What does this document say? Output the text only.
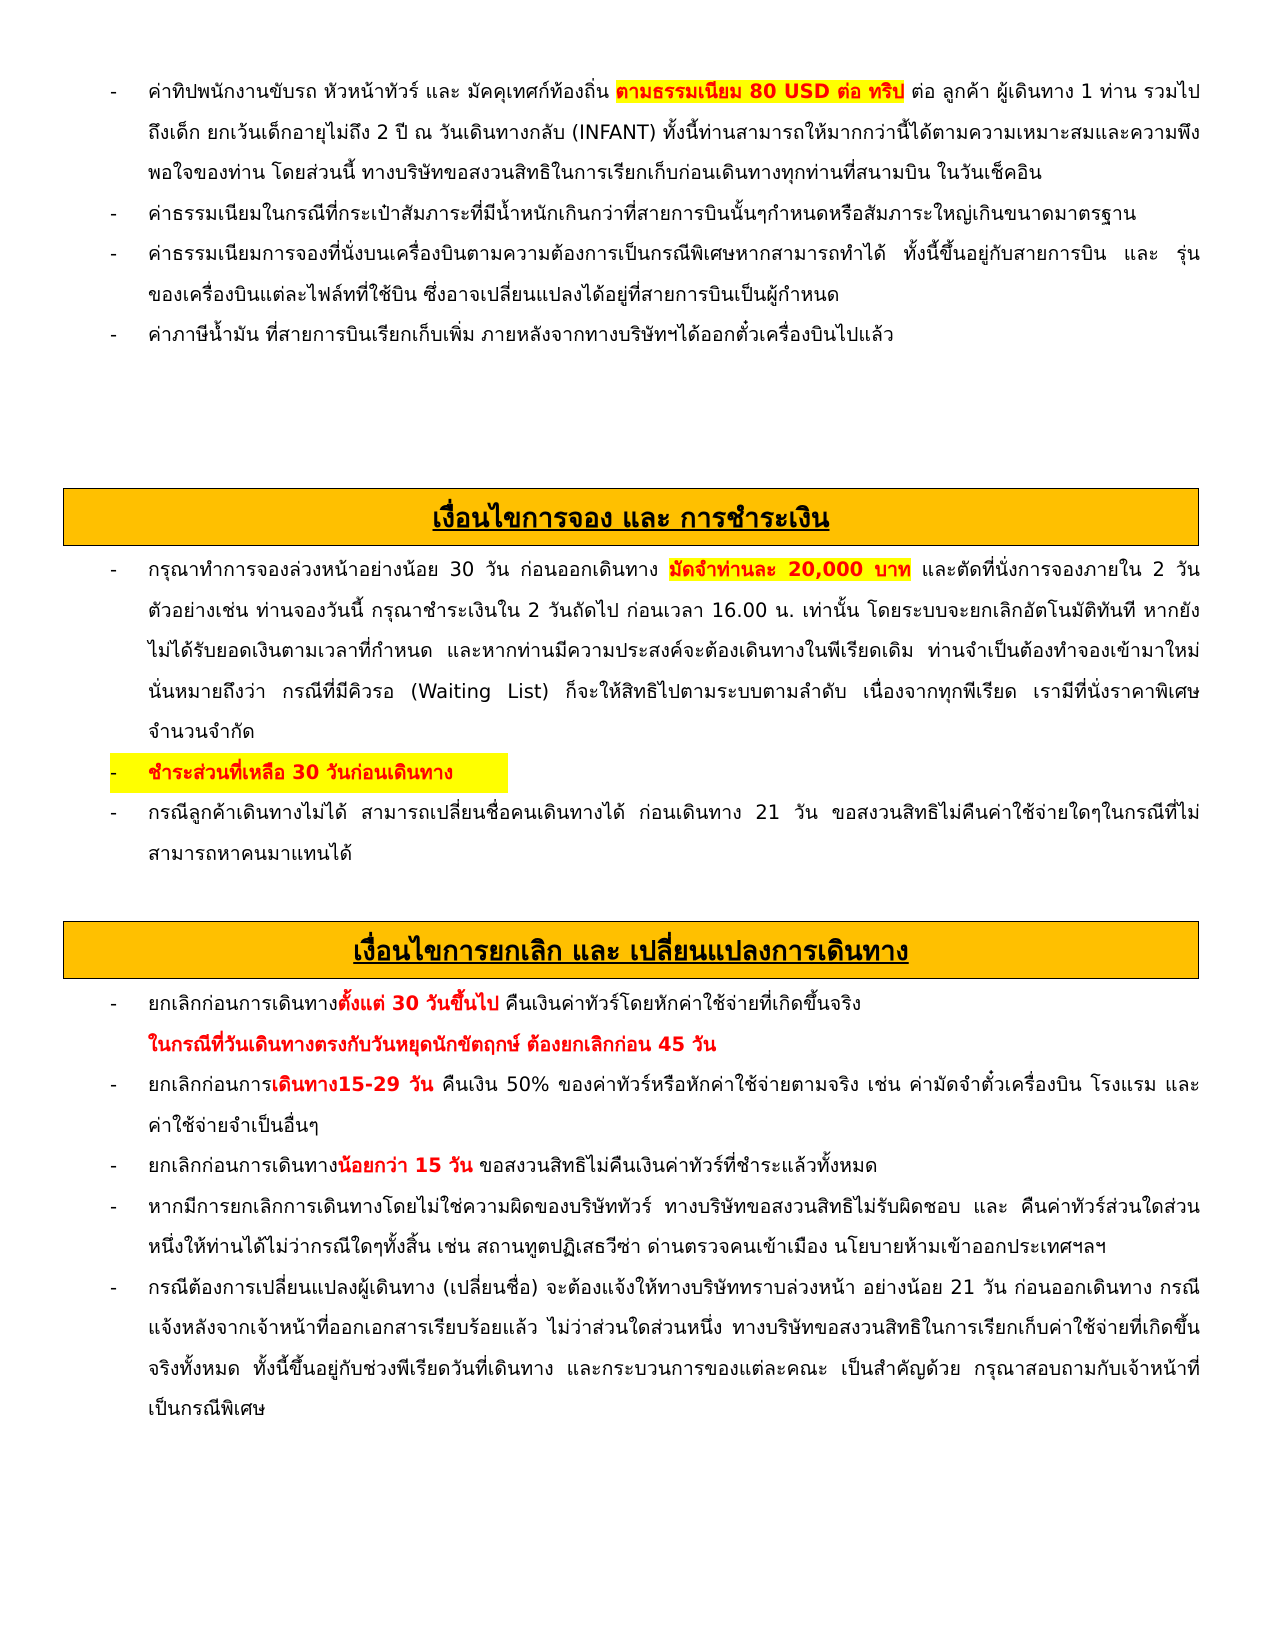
-	ค่าทิปพนักงานขับรถ หัวหน้าทัวร์ และ มัคคุเทศก์ท้องถิ่น ตามธรรมเนียม 80 USD ต่อ ทริป ต่อ ลูกค้า ผู้เดินทาง 1 ท่าน รวมไปถึงเด็ก ยกเว้นเด็กอายุไม่ถึง 2 ปี ณ วันเดินทางกลับ (INFANT) ทั้งนี้ท่านสามารถให้มากกว่านี้ได้ตามความเหมาะสมและความพึงพอใจของท่าน โดยส่วนนี้ ทางบริษัทขอสงวนสิทธิในการเรียกเก็บก่อนเดินทางทุกท่านที่สนามบิน ในวันเช็คอิน
-	ค่าธรรมเนียมในกรณีที่กระเป๋าสัมภาระที่มีน้ำหนักเกินกว่าที่สายการบินนั้นๆกำหนดหรือสัมภาระใหญ่เกินขนาดมาตรฐาน
-	ค่าธรรมเนียมการจองที่นั่งบนเครื่องบินตามความต้องการเป็นกรณีพิเศษหากสามารถทำได้ ทั้งนี้ขึ้นอยู่กับสายการบิน และ รุ่นของเครื่องบินแต่ละไฟล์ทที่ใช้บิน ซึ่งอาจเปลี่ยนแปลงได้อยู่ที่สายการบินเป็นผู้กำหนด
-	ค่าภาษีน้ำมัน ที่สายการบินเรียกเก็บเพิ่ม ภายหลังจากทางบริษัทฯได้ออกตั๋วเครื่องบินไปแล้ว
เงื่อนไขการจอง และ การชำระเงิน
-	กรุณาทำการจองล่วงหน้าอย่างน้อย 30 วัน ก่อนออกเดินทาง มัดจำท่านละ 20,000 บาท และตัดที่นั่งการจองภายใน 2 วัน ตัวอย่างเช่น ท่านจองวันนี้ กรุณาชำระเงินใน 2 วันถัดไป ก่อนเวลา 16.00 น. เท่านั้น โดยระบบจะยกเลิกอัตโนมัติทันที หากยังไม่ได้รับยอดเงินตามเวลาที่กำหนด และหากท่านมีความประสงค์จะต้องเดินทางในพีเรียดเดิม ท่านจำเป็นต้องทำจองเข้ามาใหม่ นั่นหมายถึงว่า กรณีที่มีคิวรอ (Waiting List) ก็จะให้สิทธิไปตามระบบตามลำดับ เนื่องจากทุกพีเรียด เรามีที่นั่งราคาพิเศษจำนวนจำกัด
-	ชำระส่วนที่เหลือ 30 วันก่อนเดินทาง
-	กรณีลูกค้าเดินทางไม่ได้ สามารถเปลี่ยนชื่อคนเดินทางได้ ก่อนเดินทาง 21 วัน ขอสงวนสิทธิไม่คืนค่าใช้จ่ายใดๆในกรณีที่ไม่สามารถหาคนมาแทนได้
เงื่อนไขการยกเลิก และ เปลี่ยนแปลงการเดินทาง
-	ยกเลิกก่อนการเดินทางตั้งแต่ 30 วันขึ้นไป คืนเงินค่าทัวร์โดยหักค่าใช้จ่ายที่เกิดขึ้นจริง
ในกรณีที่วันเดินทางตรงกับวันหยุดนักขัตฤกษ์ ต้องยกเลิกก่อน 45 วัน
-	ยกเลิกก่อนการเดินทาง15-29 วัน คืนเงิน 50% ของค่าทัวร์หรือหักค่าใช้จ่ายตามจริง เช่น ค่ามัดจำตั๋วเครื่องบิน โรงแรม และค่าใช้จ่ายจำเป็นอื่นๆ
-	ยกเลิกก่อนการเดินทางน้อยกว่า 15 วัน ขอสงวนสิทธิไม่คืนเงินค่าทัวร์ที่ชำระแล้วทั้งหมด
-	หากมีการยกเลิกการเดินทางโดยไม่ใช่ความผิดของบริษัททัวร์ ทางบริษัทขอสงวนสิทธิไม่รับผิดชอบ และ คืนค่าทัวร์ส่วนใดส่วนหนึ่งให้ท่านได้ไม่ว่ากรณีใดๆทั้งสิ้น เช่น สถานทูตปฏิเสธวีซ่า ด่านตรวจคนเข้าเมือง นโยบายห้ามเข้าออกประเทศฯลฯ
-	กรณีต้องการเปลี่ยนแปลงผู้เดินทาง (เปลี่ยนชื่อ) จะต้องแจ้งให้ทางบริษัททราบล่วงหน้า อย่างน้อย 21 วัน ก่อนออกเดินทาง กรณีแจ้งหลังจากเจ้าหน้าที่ออกเอกสารเรียบร้อยแล้ว ไม่ว่าส่วนใดส่วนหนึ่ง ทางบริษัทขอสงวนสิทธิในการเรียกเก็บค่าใช้จ่ายที่เกิดขึ้นจริงทั้งหมด ทั้งนี้ขึ้นอยู่กับช่วงพีเรียดวันที่เดินทาง และกระบวนการของแต่ละคณะ เป็นสำคัญด้วย กรุณาสอบถามกับเจ้าหน้าที่เป็นกรณีพิเศษ
